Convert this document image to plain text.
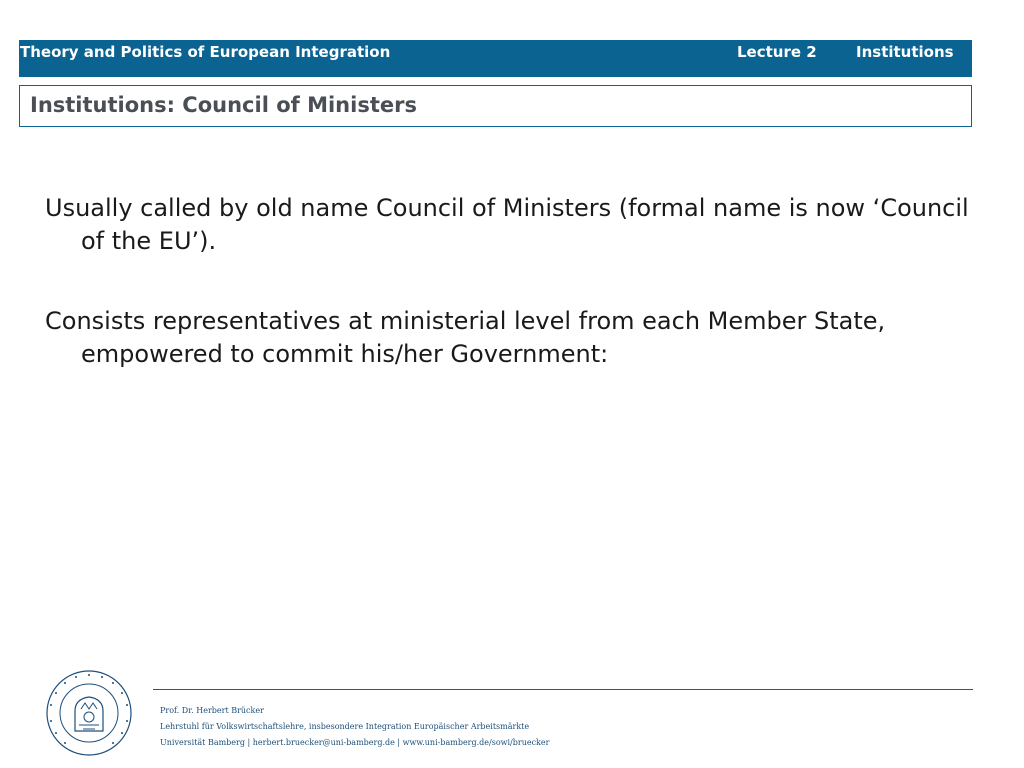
Theory and Politics of European Integration	Lecture 2	Institutions
Institutions: Council of Ministers

Usually called by old name Council of Ministers (formal name is now ‘Council of the EU’).

Consists representatives at ministerial level from each Member State, empowered to commit his/her Government:

Prof. Dr. Herbert Brücker
Lehrstuhl für Volkswirtschaftslehre, insbesondere Integration Europäischer Arbeitsmärkte
Universität Bamberg | herbert.bruecker@uni-bamberg.de | www.uni-bamberg.de/sowi/bruecker
